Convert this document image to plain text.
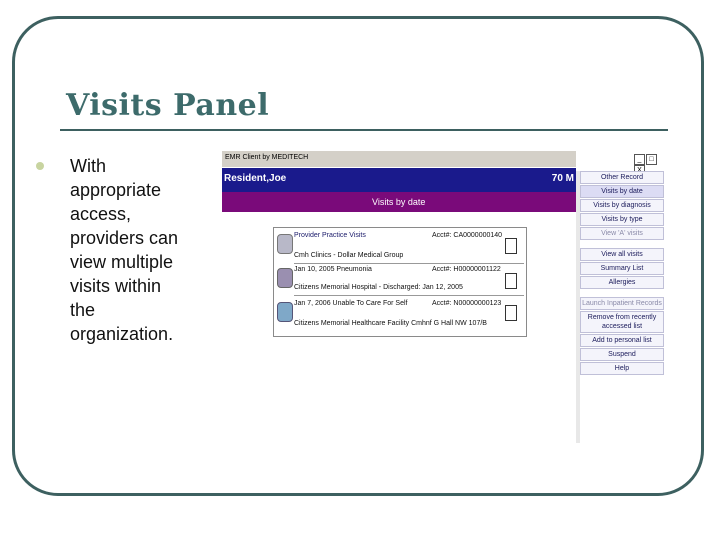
Visits Panel
With
appropriate
access,
providers can
view multiple
visits within
the
organization.
EMR Client by MEDITECH	_ □
Resident,Joe	70 M
Visits by date
Provider Practice Visits	Acct#: CA0000000140
Cmh Clinics - Dollar Medical Group
Jan 10, 2005 Pneumonia	Acct#: H00000001122
Citizens Memorial Hospital - Discharged: Jan 12, 2005
Jan 7, 2006 Unable To Care For Self	Acct#: N00000000123
Citizens Memorial Healthcare Facility Cmhnf G Hall NW 107/B
Other Record
Visits by date
Visits by diagnosis
Visits by type
View 'A' visits
View all visits
Summary List
Allergies
Launch Inpatient Records
Remove from recently accessed list
Add to personal list
Suspend
Help
